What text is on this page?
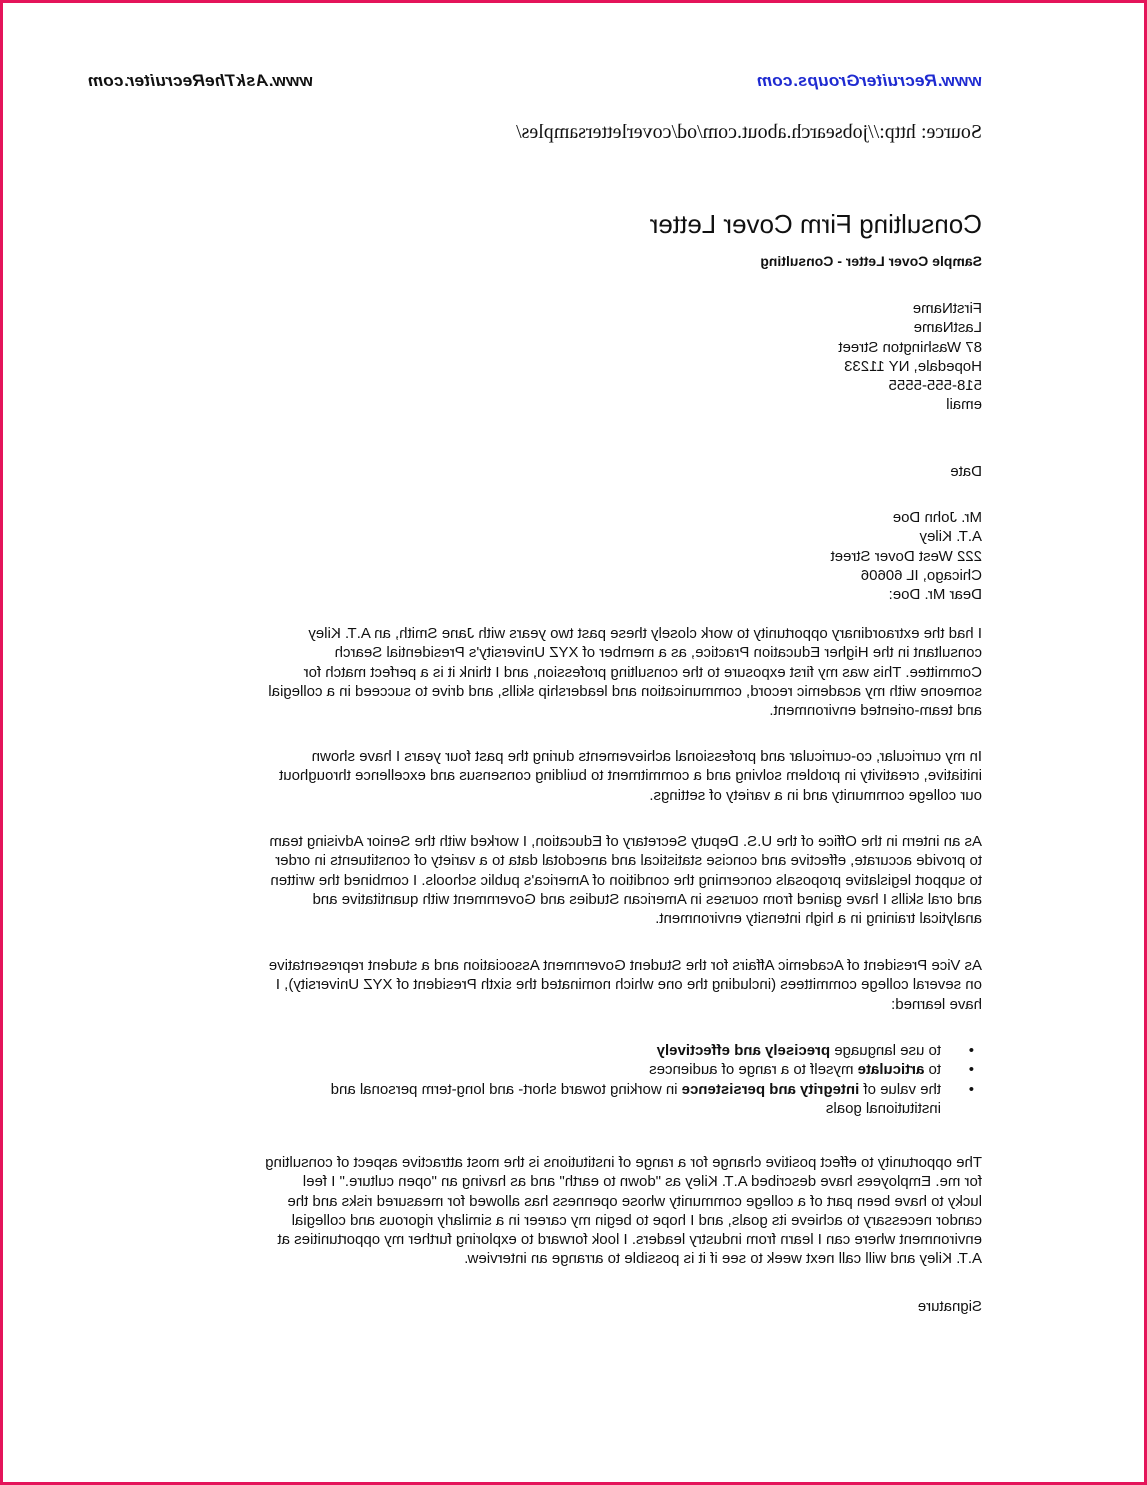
www.RecruiterGroups.com
www.AskTheRecruiter.com

Source: http://jobsearch.about.com/od/coverlettersamples/

Consulting Firm Cover Letter

Sample Cover Letter - Consulting

FirstName
LastName
87 Washington Street
Hopedale, NY 11233
518-555-5555
email
Date
Mr. John Doe
A.T. Kiley
222 West Dover Street
Chicago, IL 60606
Dear Mr. Doe:
I had the extraordinary opportunity to work closely these past two years with Jane Smith, an A.T. Kiley
consultant in the Higher Education Practice, as a member of XYZ University's Presidential Search
Committee. This was my first exposure to the consulting profession, and I think it is a perfect match for
someone with my academic record, communication and leadership skills, and drive to succeed in a collegial
and team-oriented environment.
In my curricular, co-curricular and professional achievements during the past four years I have shown
initiative, creativity in problem solving and a commitment to building consensus and excellence throughout
our college community and in a variety of settings.
As an intern in the Office of the U.S. Deputy Secretary of Education, I worked with the Senior Advising team
to provide accurate, effective and concise statistical and anecdotal data to a variety of constituents in order
to support legislative proposals concerning the condition of America's public schools. I combined the written
and oral skills I have gained from courses in American Studies and Government with quantitative and
analytical training in a high intensity environment.
As Vice President of Academic Affairs for the Student Government Association and a student representative
on several college committees (including the one which nominated the sixth President of XYZ University), I
have learned:
•
to use language precisely and effectively
•
to articulate myself to a range of audiences
•
the value of integrity and persistence in working toward short- and long-term personal and
institutional goals
The opportunity to effect positive change for a range of institutions is the most attractive aspect of consulting
for me. Employees have described A.T. Kiley as "down to earth" and as having an "open culture." I feel
lucky to have been part of a college community whose openness has allowed for measured risks and the
candor necessary to achieve its goals, and I hope to begin my career in a similarly rigorous and collegial
environment where can I learn from industry leaders. I look forward to exploring further my opportunities at
A.T. Kiley and will call next week to see if it is possible to arrange an interview.
Signature
